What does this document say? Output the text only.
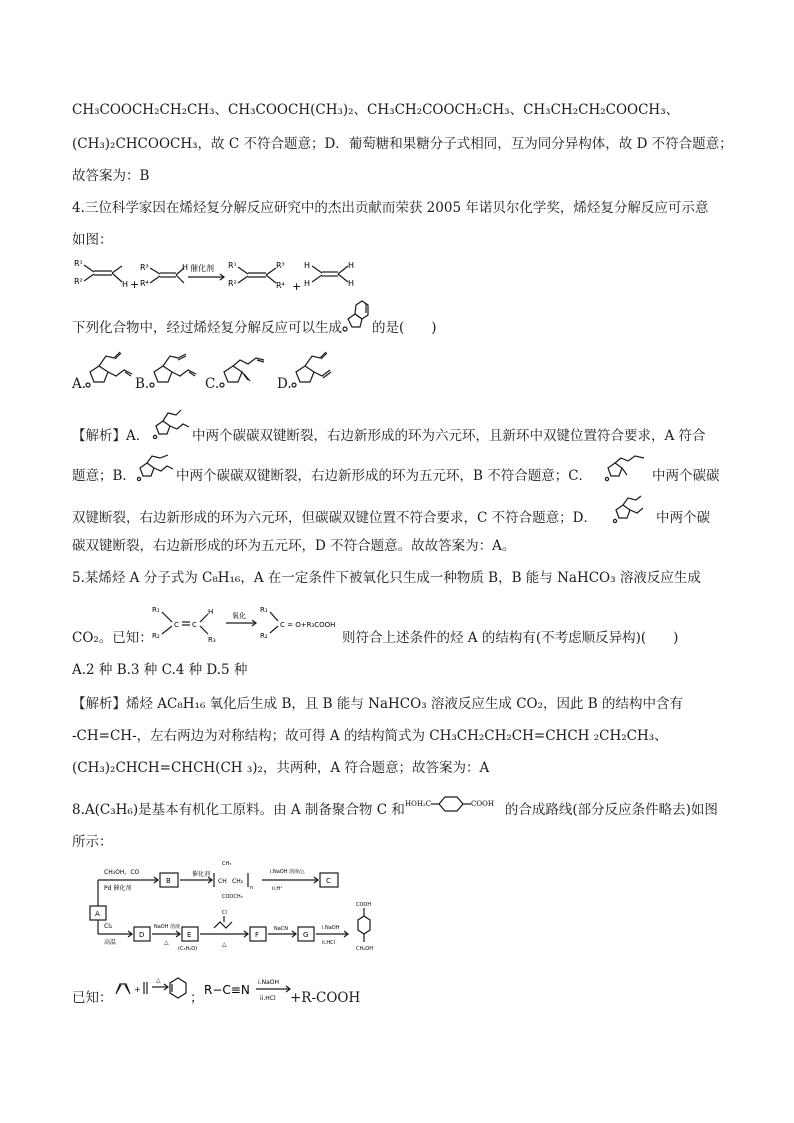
CH₃COOCH₂CH₂CH₃、CH₃COOCH(CH₃)₂、CH₃CH₂COOCH₂CH₃、CH₃CH₂CH₂COOCH₃、
(CH₃)₂CHCOOCH₃，故 C 不符合题意；D．葡萄糖和果糖分子式相同，互为同分异构体，故 D 不符合题意；
故答案为：B
4.三位科学家因在烯烃复分解反应研究中的杰出贡献而荣获 2005 年诺贝尔化学奖，烯烃复分解反应可示意
如图：
R¹
R²	H +
R³
R⁴
H 催化剂 R¹
R²
R³
R⁴ +
H
H
H
H
下列化合物中，经过烯烃复分解反应可以生成 的是(　　)
A.	B.	C.	D.
【解析】A．	中两个碳碳双键断裂，右边新形成的环为六元环，且新环中双键位置符合要求，A 符合
题意；B．	中两个碳碳双键断裂，右边新形成的环为五元环，B 不符合题意；C．	中两个碳碳
双键断裂，右边新形成的环为六元环，但碳碳双键位置不符合要求，C 不符合题意；D．	中两个碳
碳双键断裂，右边新形成的环为五元环，D 不符合题意。故故答案为：A。
5.某烯烃 A 分子式为 C₈H₁₆，A 在一定条件下被氧化只生成一种物质 B，B 能与 NaHCO₃ 溶液反应生成
CO₂。已知：
R₁
R₂
C C
H
R₃
氧化
R₁
R₂
C = O+R₃COOH
则符合上述条件的烃 A 的结构有(不考虑顺反异构)(　　)
A.2 种 B.3 种 C.4 种 D.5 种
【解析】烯烃 AC₈H₁₆ 氧化后生成 B，且 B 能与 NaHCO₃ 溶液反应生成 CO₂，因此 B 的结构中含有
-CH=CH-，左右两边为对称结构；故可得 A 的结构简式为 CH₃CH₂CH₂CH=CHCH ₂CH₂CH₃、
(CH₃)₂CHCH=CHCH(CH ₃)₂，共两种，A 符合题意；故答案为：A
8.A(C₃H₆)是基本有机化工原料。由 A 制备聚合物 C 和 HOH₂C	COOH 的合成路线(部分反应条件略去)如图
所示：
CH₃OH，CO
Pd 催化剂
B
催化剂
CH₃
CH CH₂
n
COOCH₃
i.NaOH 溶液/△
ii.H⁺
C
A
Cl₂
高温
D
NaOH 溶液
△
E
(C₃H₄O)
Cl
△
F
NaCN
G
i.NaOH
ii.HCl
COOH
CH₂OH
已知：
+
△
； R−C≡N
i.NaOH
ii.HCl +R-COOH
